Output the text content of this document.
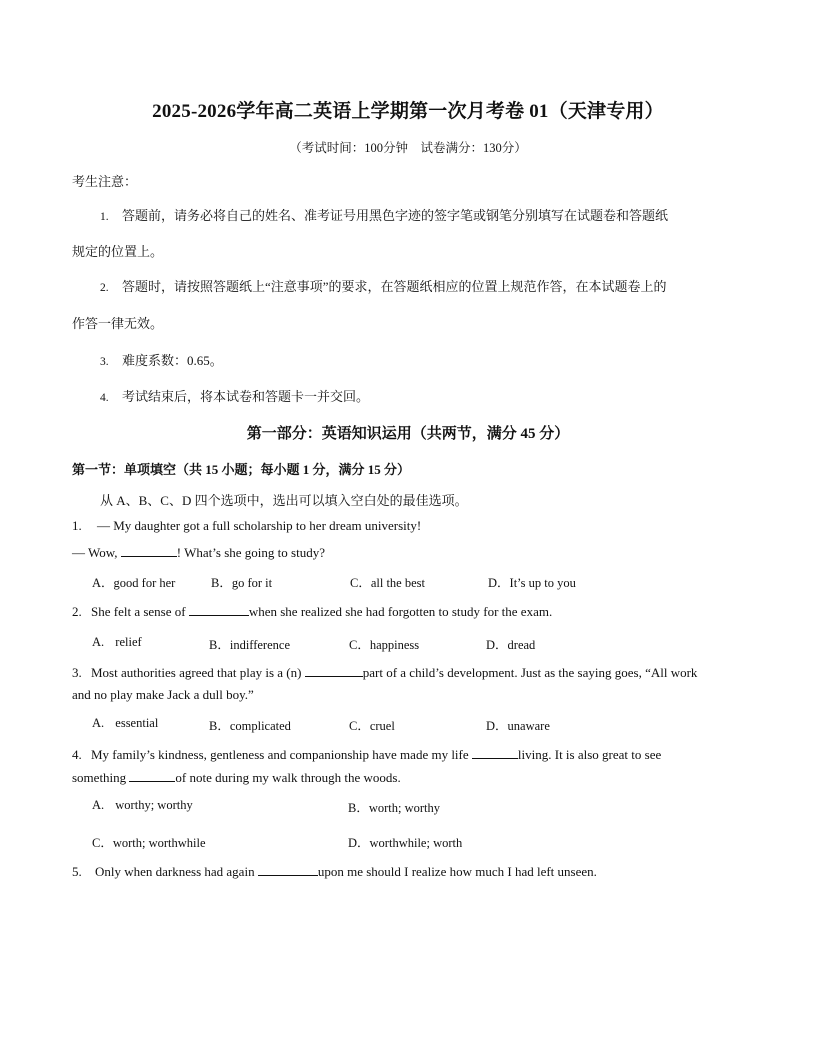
2025-2026学年高二英语上学期第一次月考卷 01（天津专用）
（考试时间：100分钟　试卷满分：130分）
考生注意：
1. 答题前，请务必将自己的姓名、准考证号用黑色字迹的签字笔或钢笔分别填写在试题卷和答题纸
规定的位置上。
2. 答题时，请按照答题纸上“注意事项”的要求，在答题纸相应的位置上规范作答，在本试题卷上的
作答一律无效。
3. 难度系数：0.65。
4. 考试结束后，将本试卷和答题卡一并交回。
第一部分：英语知识运用（共两节，满分 45 分）
第一节：单项填空（共 15 小题；每小题 1 分，满分 15 分）
从 A、B、C、D 四个选项中，选出可以填入空白处的最佳选项。
1. — My daughter got a full scholarship to her dream university!
— Wow,	! What’s she going to study?
A．good for her	B．go for it	C．all the best	D．It’s up to you
2. She felt a sense of	when she realized she had forgotten to study for the exam.
A. relief	B．indifference	C．happiness	D．dread
3. Most authorities agreed that play is a (n)	part of a child’s development. Just as the saying goes, “All work
and no play make Jack a dull boy.”
A. essential	B．complicated	C．cruel	D．unaware
4. My family’s kindness, gentleness and companionship have made my life	living. It is also great to see
something	of note during my walk through the woods.
A. worthy; worthy	B．worth; worthy
C．worth; worthwhile	D．worthwhile; worth
5. Only when darkness had again	upon me should I realize how much I had left unseen.
